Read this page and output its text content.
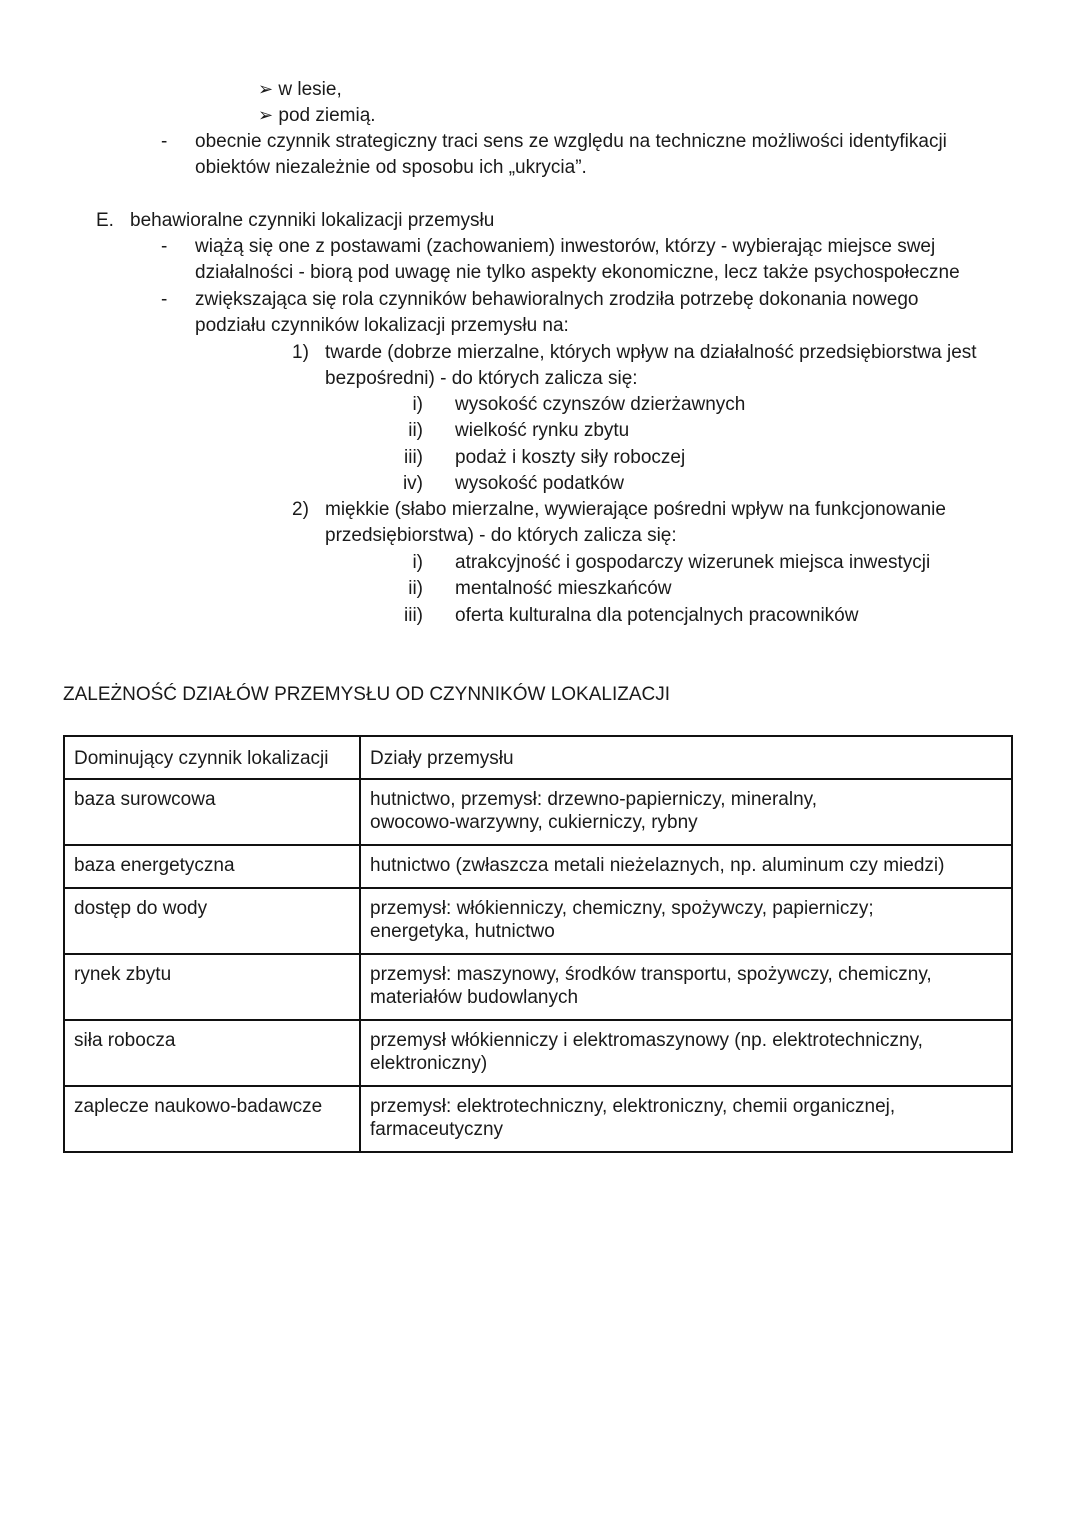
➢ w lesie,
➢ pod ziemią.
- obecnie czynnik strategiczny traci sens ze względu na techniczne możliwości identyfikacji
obiektów niezależnie od sposobu ich „ukrycia”.
E. behawioralne czynniki lokalizacji przemysłu
- wiążą się one z postawami (zachowaniem) inwestorów, którzy - wybierając miejsce swej
działalności - biorą pod uwagę nie tylko aspekty ekonomiczne, lecz także psychospołeczne
- zwiększająca się rola czynników behawioralnych zrodziła potrzebę dokonania nowego
podziału czynników lokalizacji przemysłu na:
1) twarde (dobrze mierzalne, których wpływ na działalność przedsiębiorstwa jest
bezpośredni) - do których zalicza się:
i) wysokość czynszów dzierżawnych
ii) wielkość rynku zbytu
iii) podaż i koszty siły roboczej
iv) wysokość podatków
2) miękkie (słabo mierzalne, wywierające pośredni wpływ na funkcjonowanie
przedsiębiorstwa) - do których zalicza się:
i) atrakcyjność i gospodarczy wizerunek miejsca inwestycji
ii) mentalność mieszkańców
iii) oferta kulturalna dla potencjalnych pracowników
ZALEŻNOŚĆ DZIAŁÓW PRZEMYSŁU OD CZYNNIKÓW LOKALIZACJI
Dominujący czynnik lokalizacji	Działy przemysłu
baza surowcowa	hutnictwo, przemysł: drzewno-papierniczy, mineralny,
owocowo-warzywny, cukierniczy, rybny

baza energetyczna	hutnictwo (zwłaszcza metali nieżelaznych, np. aluminum czy miedzi)

dostęp do wody	przemysł: włókienniczy, chemiczny, spożywczy, papierniczy;
energetyka, hutnictwo

rynek zbytu	przemysł: maszynowy, środków transportu, spożywczy, chemiczny,
materiałów budowlanych

siła robocza	przemysł włókienniczy i elektromaszynowy (np. elektrotechniczny,
elektroniczny)

zaplecze naukowo-badawcze	przemysł: elektrotechniczny, elektroniczny, chemii organicznej,
farmaceutyczny
